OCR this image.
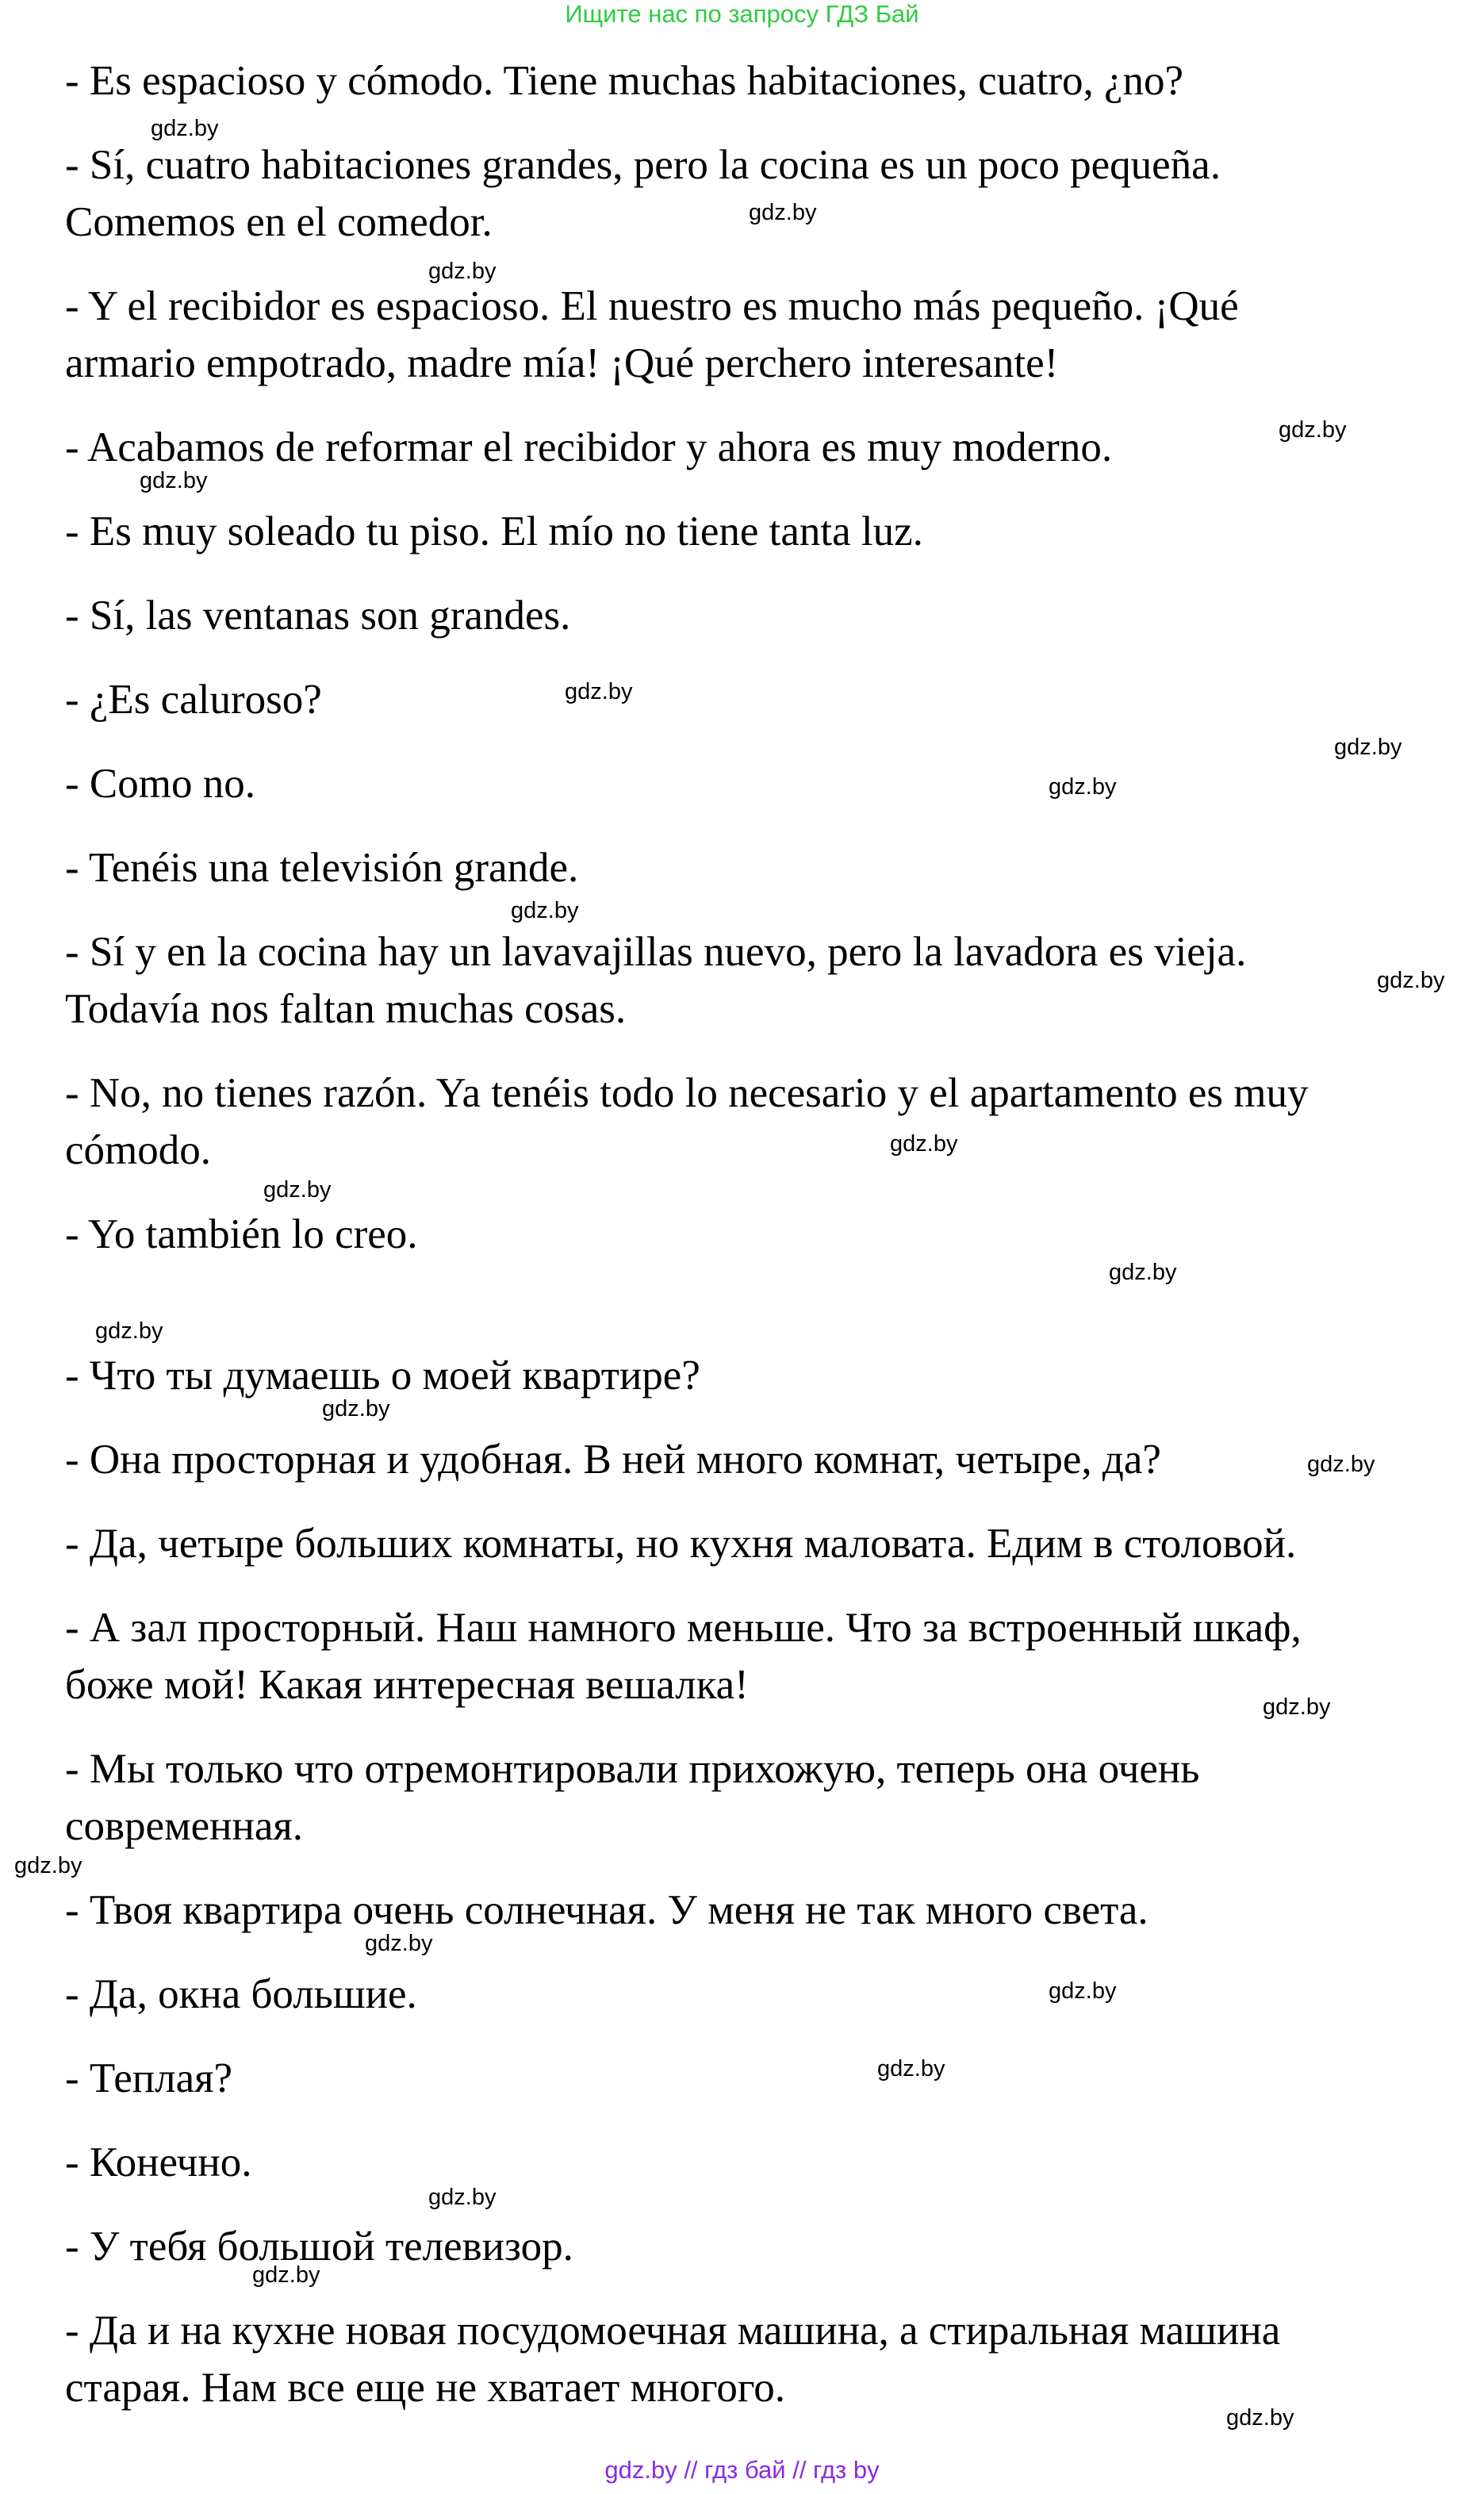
Ищите нас по запросу ГДЗ Бай
- Es espacioso y cómodo. Tiene muchas habitaciones, cuatro, ¿no?
- Sí, cuatro habitaciones grandes, pero la cocina es un poco pequeña.
Comemos en el comedor.
- Y el recibidor es espacioso. El nuestro es mucho más pequeño. ¡Qué
armario empotrado, madre mía! ¡Qué perchero interesante!
- Acabamos de reformar el recibidor y ahora es muy moderno.
- Es muy soleado tu piso. El mío no tiene tanta luz.
- Sí, las ventanas son grandes.
- ¿Es caluroso?
- Como no.
- Tenéis una televisión grande.
- Sí y en la cocina hay un lavavajillas nuevo, pero la lavadora es vieja.
Todavía nos faltan muchas cosas.
- No, no tienes razón. Ya tenéis todo lo necesario y el apartamento es muy
cómodo.
- Yo también lo creo.
- Что ты думаешь о моей квартире?
- Она просторная и удобная. В ней много комнат, четыре, да?
- Да, четыре больших комнаты, но кухня маловата. Едим в столовой.
- А зал просторный. Наш намного меньше. Что за встроенный шкаф,
боже мой! Какая интересная вешалка!
- Мы только что отремонтировали прихожую, теперь она очень
современная.
- Твоя квартира очень солнечная. У меня не так много света.
- Да, окна большие.
- Теплая?
- Конечно.
- У тебя большой телевизор.
- Да и на кухне новая посудомоечная машина, а стиральная машина
старая. Нам все еще не хватает многого.
gdz.by
gdz.by
gdz.by
gdz.by
gdz.by
gdz.by
gdz.by
gdz.by
gdz.by
gdz.by
gdz.by
gdz.by
gdz.by
gdz.by
gdz.by
gdz.by
gdz.by
gdz.by
gdz.by
gdz.by
gdz.by
gdz.by
gdz.by
gdz.by
gdz.by // гдз бай // гдз by
